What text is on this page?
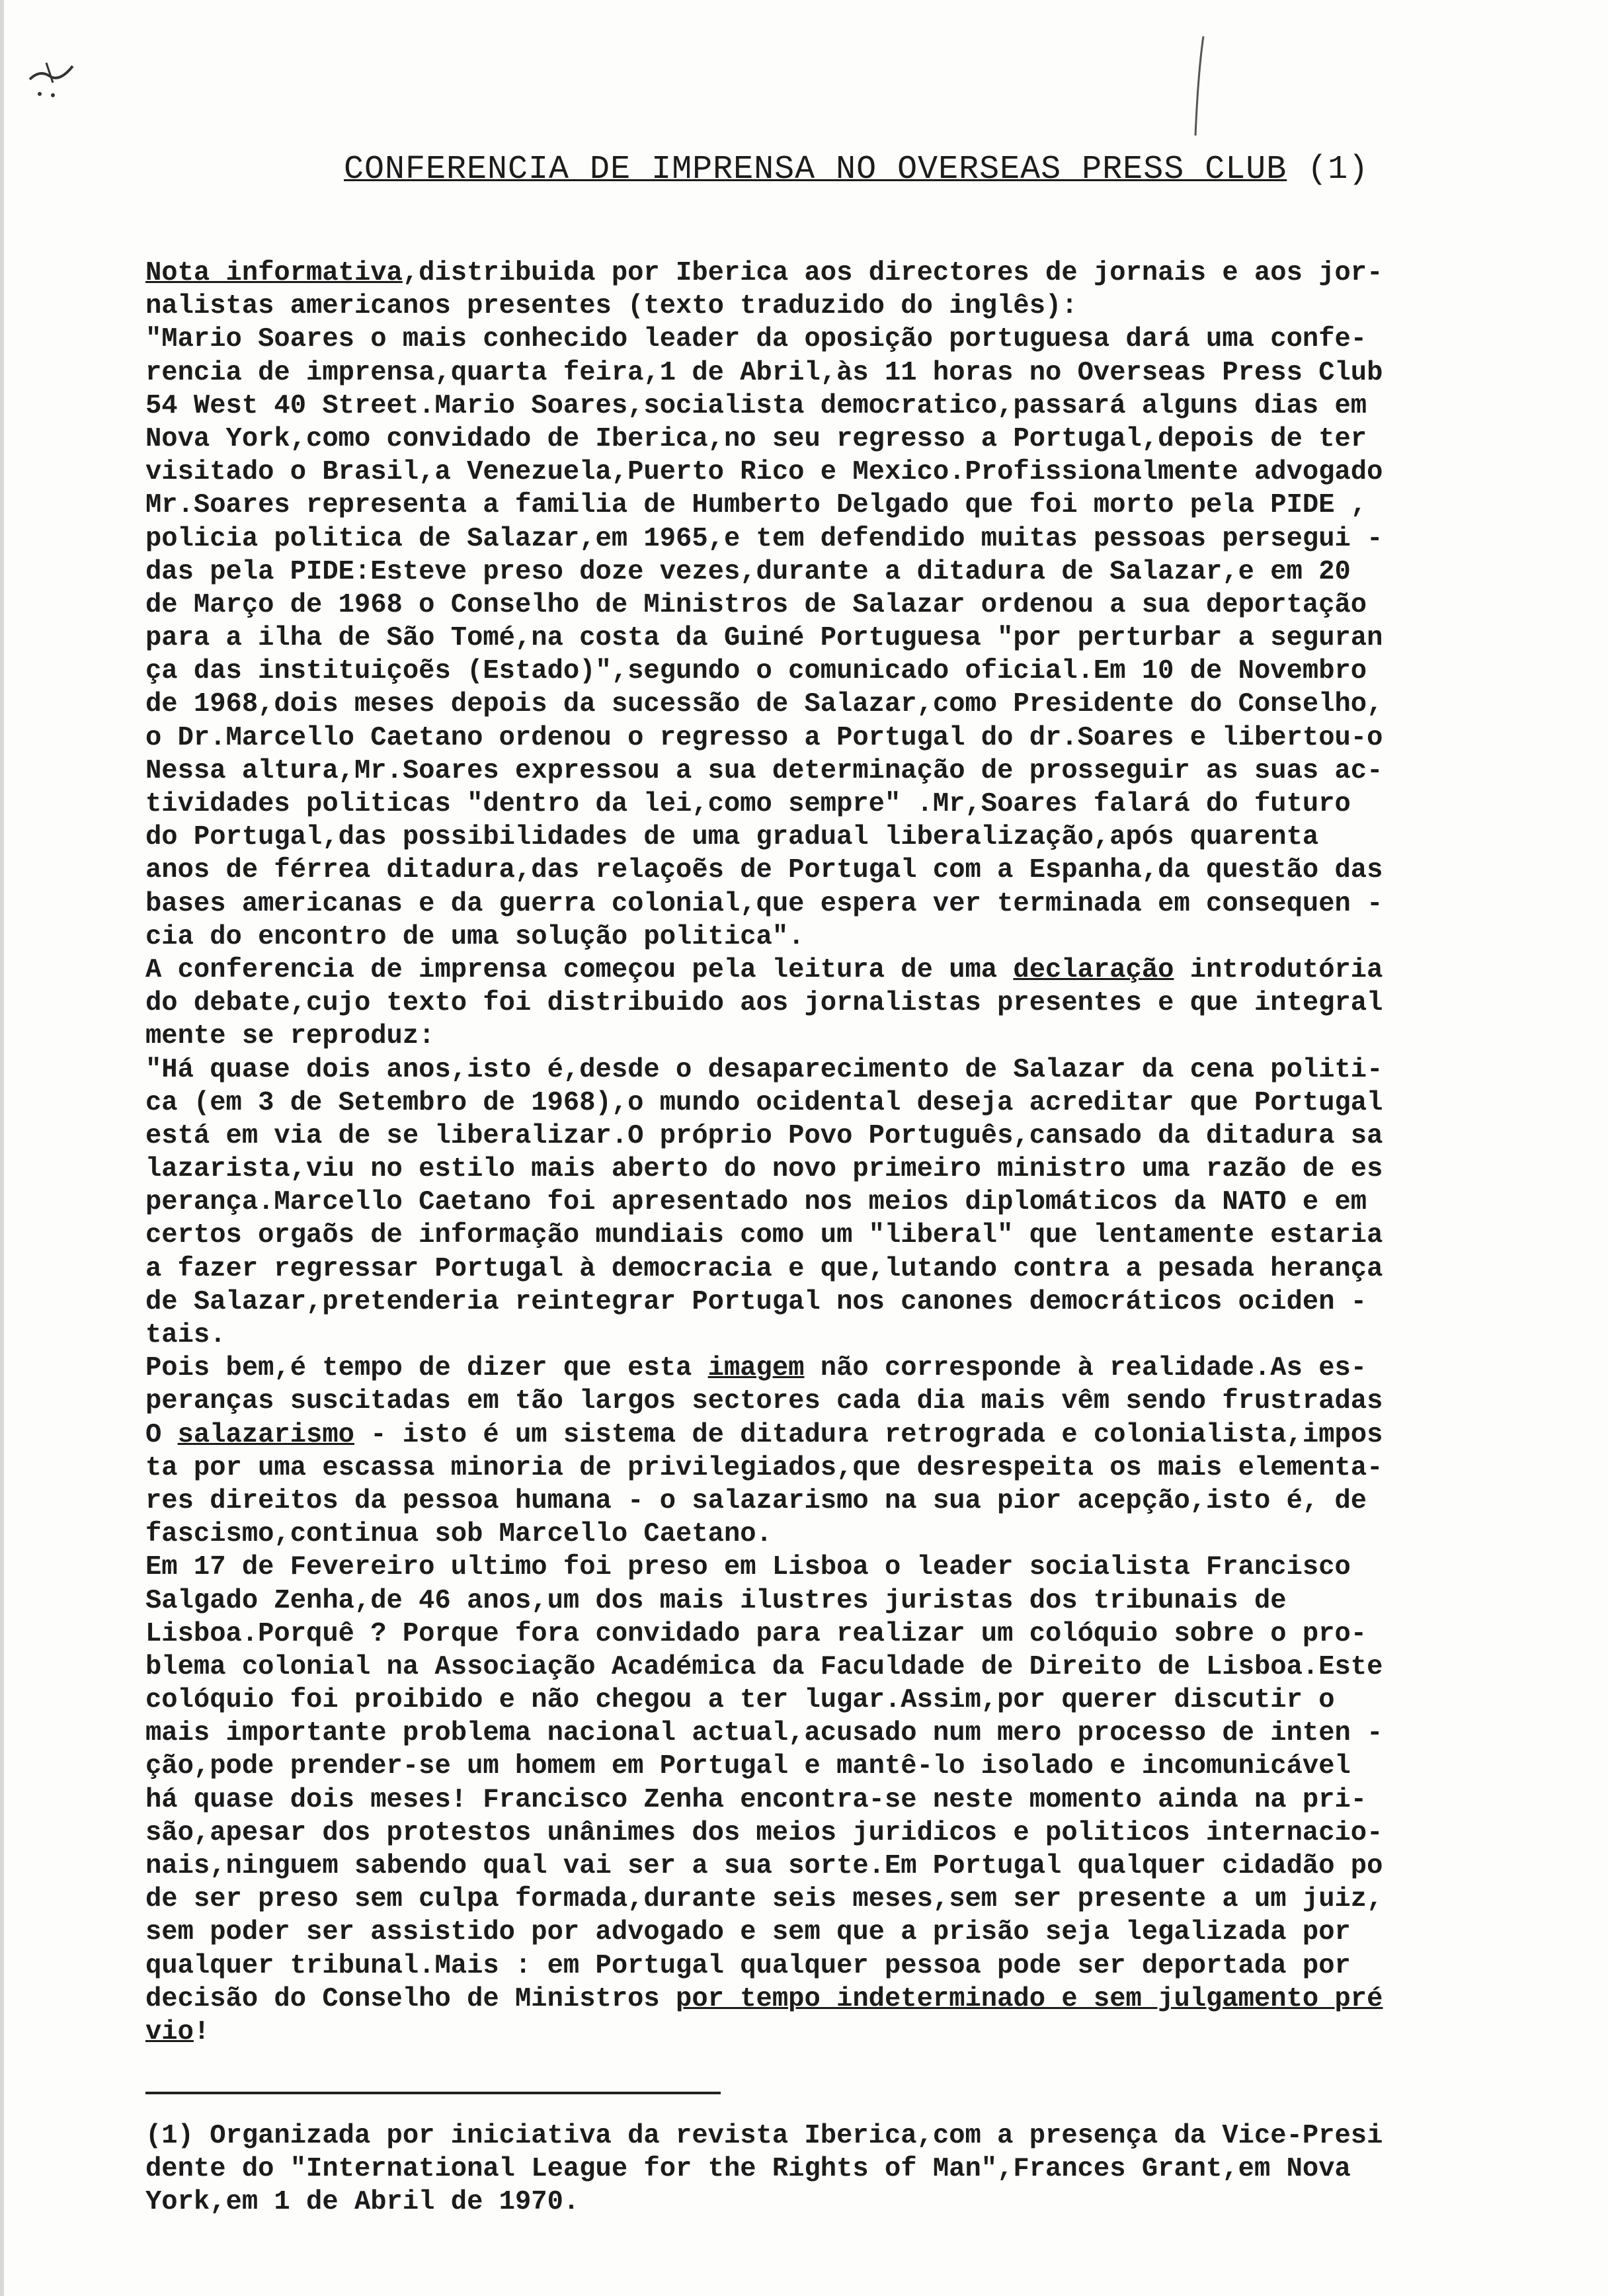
CONFERENCIA DE IMPRENSA NO OVERSEAS PRESS CLUB (1)
Nota informativa,distribuida por Iberica aos directores de jornais e aos jor-
nalistas americanos presentes (texto traduzido do inglês):
"Mario Soares o mais conhecido leader da oposição portuguesa dará uma confe-
rencia de imprensa,quarta feira,1 de Abril,às 11 horas no Overseas Press Club
54 West 40 Street.Mario Soares,socialista democratico,passará alguns dias em
Nova York,como convidado de Iberica,no seu regresso a Portugal,depois de ter
visitado o Brasil,a Venezuela,Puerto Rico e Mexico.Profissionalmente advogado
Mr.Soares representa a familia de Humberto Delgado que foi morto pela PIDE ,
policia politica de Salazar,em 1965,e tem defendido muitas pessoas persegui -
das pela PIDE:Esteve preso doze vezes,durante a ditadura de Salazar,e em 20
de Março de 1968 o Conselho de Ministros de Salazar ordenou a sua deportação
para a ilha de São Tomé,na costa da Guiné Portuguesa "por perturbar a seguran
ça das instituiçoẽs (Estado)",segundo o comunicado oficial.Em 10 de Novembro
de 1968,dois meses depois da sucessão de Salazar,como Presidente do Conselho,
o Dr.Marcello Caetano ordenou o regresso a Portugal do dr.Soares e libertou-o
Nessa altura,Mr.Soares expressou a sua determinação de prosseguir as suas ac-
tividades politicas "dentro da lei,como sempre" .Mr,Soares falará do futuro
do Portugal,das possibilidades de uma gradual liberalização,após quarenta
anos de férrea ditadura,das relaçoẽs de Portugal com a Espanha,da questão das
bases americanas e da guerra colonial,que espera ver terminada em consequen -
cia do encontro de uma solução politica".
A conferencia de imprensa começou pela leitura de uma declaração introdutória
do debate,cujo texto foi distribuido aos jornalistas presentes e que integral
mente se reproduz:
"Há quase dois anos,isto é,desde o desaparecimento de Salazar da cena politi-
ca (em 3 de Setembro de 1968),o mundo ocidental deseja acreditar que Portugal
está em via de se liberalizar.O próprio Povo Português,cansado da ditadura sa
lazarista,viu no estilo mais aberto do novo primeiro ministro uma razão de es
perança.Marcello Caetano foi apresentado nos meios diplomáticos da NATO e em
certos orgaõs de informação mundiais como um "liberal" que lentamente estaria
a fazer regressar Portugal à democracia e que,lutando contra a pesada herança
de Salazar,pretenderia reintegrar Portugal nos canones democráticos ociden -
tais.
Pois bem,é tempo de dizer que esta imagem não corresponde à realidade.As es-
peranças suscitadas em tão largos sectores cada dia mais vêm sendo frustradas
O salazarismo - isto é um sistema de ditadura retrograda e colonialista,impos
ta por uma escassa minoria de privilegiados,que desrespeita os mais elementa-
res direitos da pessoa humana - o salazarismo na sua pior acepção,isto é, de
fascismo,continua sob Marcello Caetano.
Em 17 de Fevereiro ultimo foi preso em Lisboa o leader socialista Francisco
Salgado Zenha,de 46 anos,um dos mais ilustres juristas dos tribunais de
Lisboa.Porquê ? Porque fora convidado para realizar um colóquio sobre o pro-
blema colonial na Associação Académica da Faculdade de Direito de Lisboa.Este
colóquio foi proibido e não chegou a ter lugar.Assim,por querer discutir o
mais importante problema nacional actual,acusado num mero processo de inten -
ção,pode prender-se um homem em Portugal e mantê-lo isolado e incomunicável
há quase dois meses! Francisco Zenha encontra-se neste momento ainda na pri-
são,apesar dos protestos unânimes dos meios juridicos e politicos internacio-
nais,ninguem sabendo qual vai ser a sua sorte.Em Portugal qualquer cidadão po
de ser preso sem culpa formada,durante seis meses,sem ser presente a um juiz,
sem poder ser assistido por advogado e sem que a prisão seja legalizada por
qualquer tribunal.Mais : em Portugal qualquer pessoa pode ser deportada por
decisão do Conselho de Ministros por tempo indeterminado e sem julgamento pré
vio!
(1) Organizada por iniciativa da revista Iberica,com a presença da Vice-Presi
dente do "International League for the Rights of Man",Frances Grant,em Nova
York,em 1 de Abril de 1970.
